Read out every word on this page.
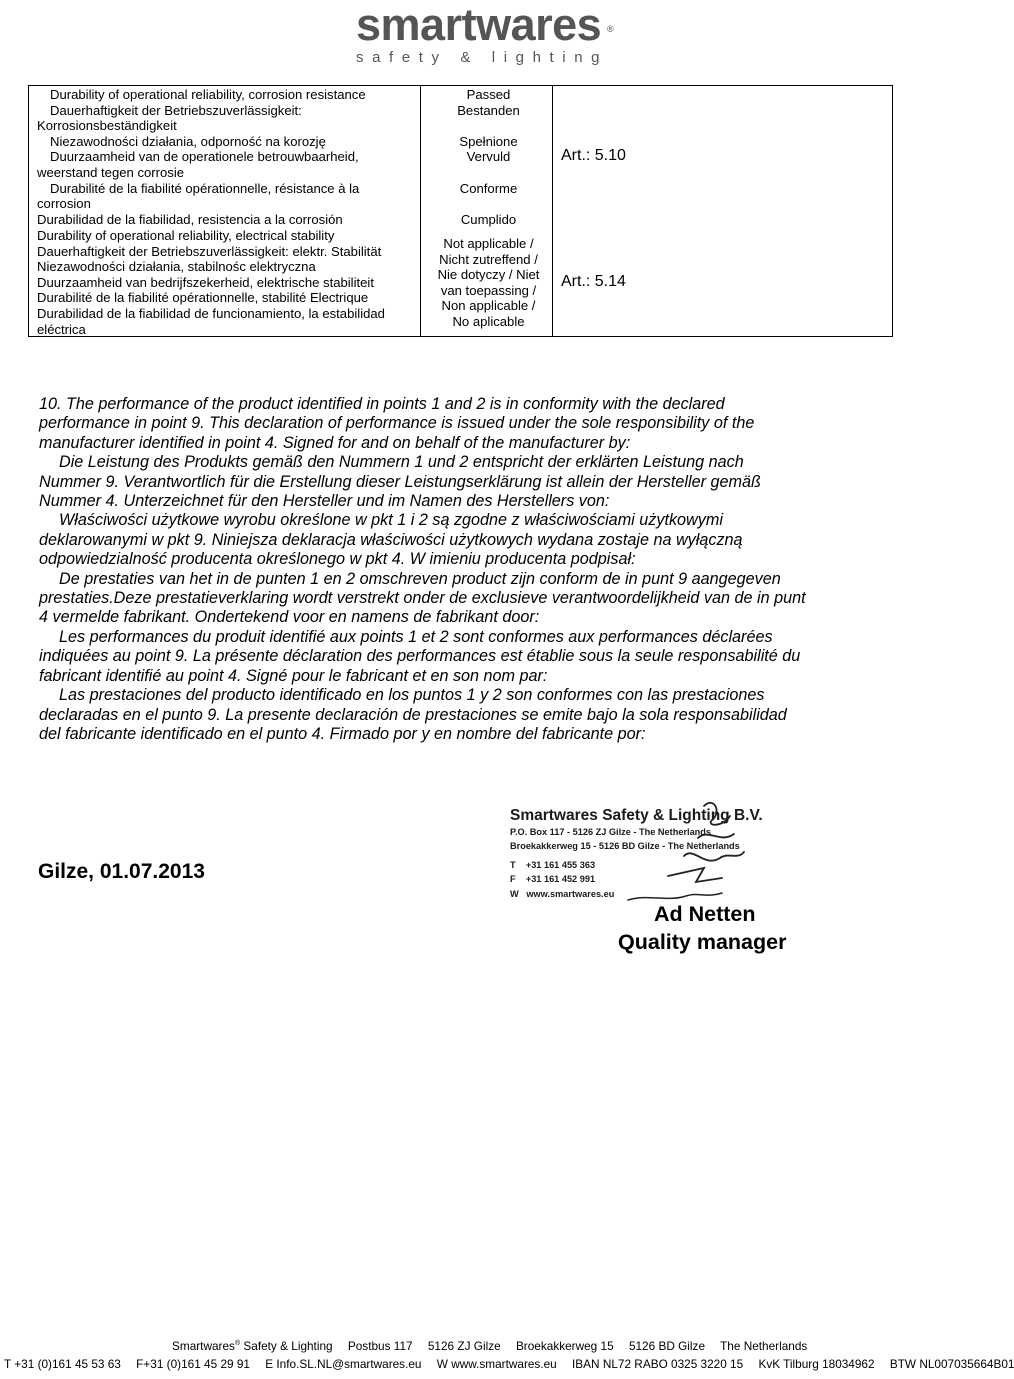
smartwares ®
safety & lighting
Durability of operational reliability, corrosion resistance
Dauerhaftigkeit der Betriebszuverlässigkeit:
Korrosionsbeständigkeit
Niezawodności działania, odporność na korozję
Duurzaamheid van de operationele betrouwbaarheid,
weerstand tegen corrosie
Durabilité de la fiabilité opérationnelle, résistance à la
corrosion
Durabilidad de la fiabilidad, resistencia a la corrosión
Passed
Bestanden
Spełnione
Vervuld
Conforme
Cumplido
Art.: 5.10
Durability of operational reliability, electrical stability
Dauerhaftigkeit der Betriebszuverlässigkeit: elektr. Stabilität
Niezawodności działania, stabilnośc elektryczna
Duurzaamheid van bedrijfszekerheid, elektrische stabiliteit
Durabilité de la fiabilité opérationnelle, stabilité Electrique
Durabilidad de la fiabilidad de funcionamiento, la estabilidad
eléctrica
Not applicable /
Nicht zutreffend /
Nie dotyczy / Niet
van toepassing /
Non applicable /
No aplicable
Art.: 5.14
10. The performance of the product identified in points 1 and 2 is in conformity with the declared performance in point 9. This declaration of performance is issued under the sole responsibility of the manufacturer identified in point 4. Signed for and on behalf of the manufacturer by:
Die Leistung des Produkts gemäß den Nummern 1 und 2 entspricht der erklärten Leistung nach Nummer 9. Verantwortlich für die Erstellung dieser Leistungserklärung ist allein der Hersteller gemäß Nummer 4. Unterzeichnet für den Hersteller und im Namen des Herstellers von:
Właściwości użytkowe wyrobu określone w pkt 1 i 2 są zgodne z właściwościami użytkowymi deklarowanymi w pkt 9. Niniejsza deklaracja właściwości użytkowych wydana zostaje na wyłączną odpowiedzialność producenta określonego w pkt 4. W imieniu producenta podpisał:
De prestaties van het in de punten 1 en 2 omschreven product zijn conform de in punt 9 aangegeven prestaties.Deze prestatieverklaring wordt verstrekt onder de exclusieve verantwoordelijkheid van de in punt 4 vermelde fabrikant. Ondertekend voor en namens de fabrikant door:
Les performances du produit identifié aux points 1 et 2 sont conformes aux performances déclarées indiquées au point 9. La présente déclaration des performances est établie sous la seule responsabilité du fabricant identifié au point 4. Signé pour le fabricant et en son nom par:
Las prestaciones del producto identificado en los puntos 1 y 2 son conformes con las prestaciones declaradas en el punto 9. La presente declaración de prestaciones se emite bajo la sola responsabilidad del fabricante identificado en el punto 4. Firmado por y en nombre del fabricante por:
Gilze, 01.07.2013
Smartwares Safety & Lighting B.V.
P.O. Box 117 - 5126 ZJ Gilze - The Netherlands
Broekakkerweg 15 - 5126 BD Gilze - The Netherlands
T    +31 161 455 363
F    +31 161 452 991
W   www.smartwares.eu
Ad Netten
Quality manager
Smartwares® Safety & Lighting Postbus 117 5126 ZJ Gilze Broekakkerweg 15 5126 BD Gilze The Netherlands
T +31 (0)161 45 53 63 F+31 (0)161 45 29 91 E Info.SL.NL@smartwares.eu W www.smartwares.eu IBAN NL72 RABO 0325 3220 15 KvK Tilburg 18034962 BTW NL007035664B01
